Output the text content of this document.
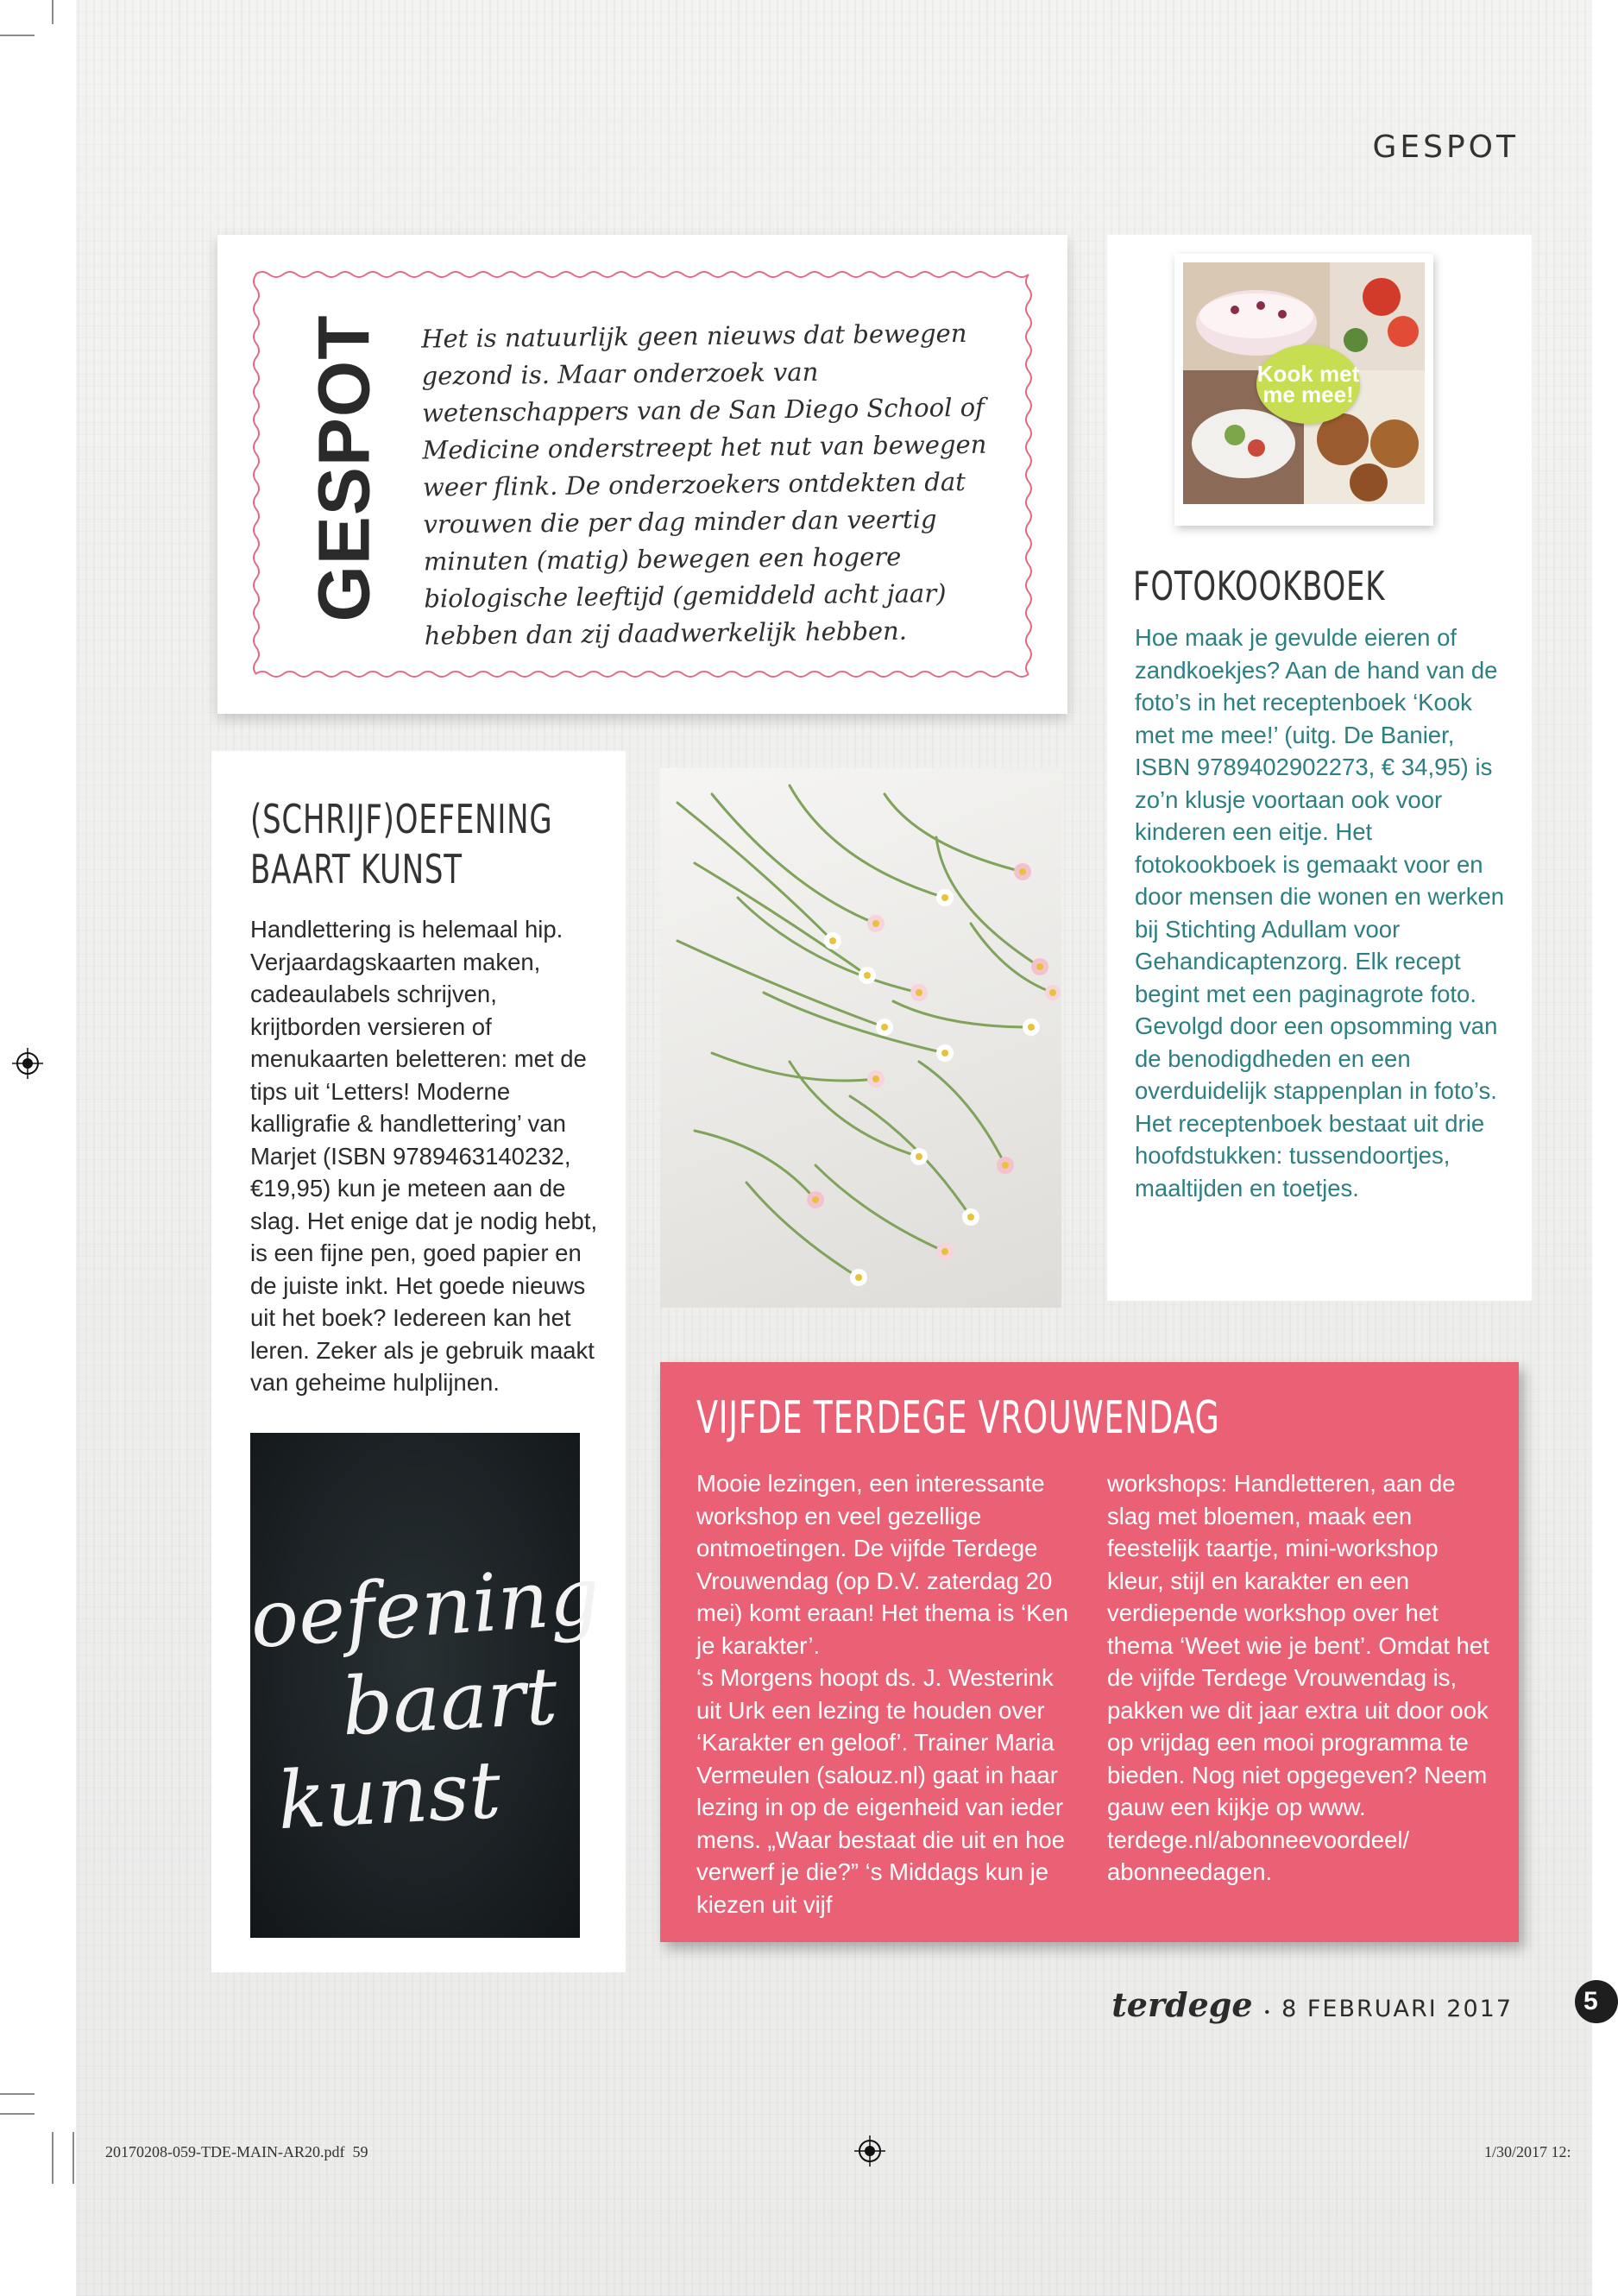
GESPOT
GESPOT Het is natuurlijk geen nieuws dat bewegen gezond is. Maar onderzoek van wetenschappers van de San Diego School of Medicine onderstreept het nut van bewegen weer flink. De onderzoekers ontdekten dat vrouwen die per dag minder dan veertig minuten (matig) bewegen een hogere biologische leeftijd (gemiddeld acht jaar) hebben dan zij daadwerkelijk hebben.
Kook met me mee!
FOTOKOOKBOEK
Hoe maak je gevulde eieren of zandkoekjes? Aan de hand van de foto’s in het receptenboek ‘Kook met me mee!’ (uitg. De Banier, ISBN 9789402902273, € 34,95) is zo’n klusje voortaan ook voor kinderen een eitje. Het fotokookboek is gemaakt voor en door mensen die wonen en werken bij Stichting Adullam voor Gehandicaptenzorg. Elk recept begint met een paginagrote foto. Gevolgd door een opsomming van de benodigdheden en een overduidelijk stappenplan in foto’s. Het receptenboek bestaat uit drie hoofdstukken: tussendoortjes, maaltijden en toetjes.
(SCHRIJF)OEFENING
BAART KUNST
Handlettering is helemaal hip. Verjaardagskaarten maken, cadeaulabels schrijven, krijtborden versieren of menukaarten beletteren: met de tips uit ‘Letters! Moderne kalligrafie & handlettering’ van Marjet (ISBN 9789463140232, €19,95) kun je meteen aan de slag. Het enige dat je nodig hebt, is een fijne pen, goed papier en de juiste inkt. Het goede nieuws uit het boek? Iedereen kan het leren. Zeker als je gebruik maakt van geheime hulplijnen.
oefening
baart
kunst
VIJFDE TERDEGE VROUWENDAG
Mooie lezingen, een interessante workshop en veel gezellige ontmoetingen. De vijfde Terdege Vrouwendag (op D.V. zaterdag 20 mei) komt eraan! Het thema is ‘Ken je karakter’.
‘s Morgens hoopt ds. J. Westerink uit Urk een lezing te houden over ‘Karakter en geloof’. Trainer Maria Vermeulen (salouz.nl) gaat in haar lezing in op de eigenheid van ieder mens. „Waar bestaat die uit en hoe verwerf je die?” ‘s Middags kun je kiezen uit vijf
workshops: Handletteren, aan de slag met bloemen, maak een feestelijk taartje, mini-workshop kleur, stijl en karakter en een verdiepende workshop over het thema ‘Weet wie je bent’. Omdat het de vijfde Terdege Vrouwendag is, pakken we dit jaar extra uit door ook op vrijdag een mooi programma te bieden. Nog niet opgegeven? Neem gauw een kijkje op www. terdege.nl/abonneevoordeel/ abonneedagen.
terdege • 8 FEBRUARI 2017	5
20170208-059-TDE-MAIN-AR20.pdf 59	1/30/2017 12:
